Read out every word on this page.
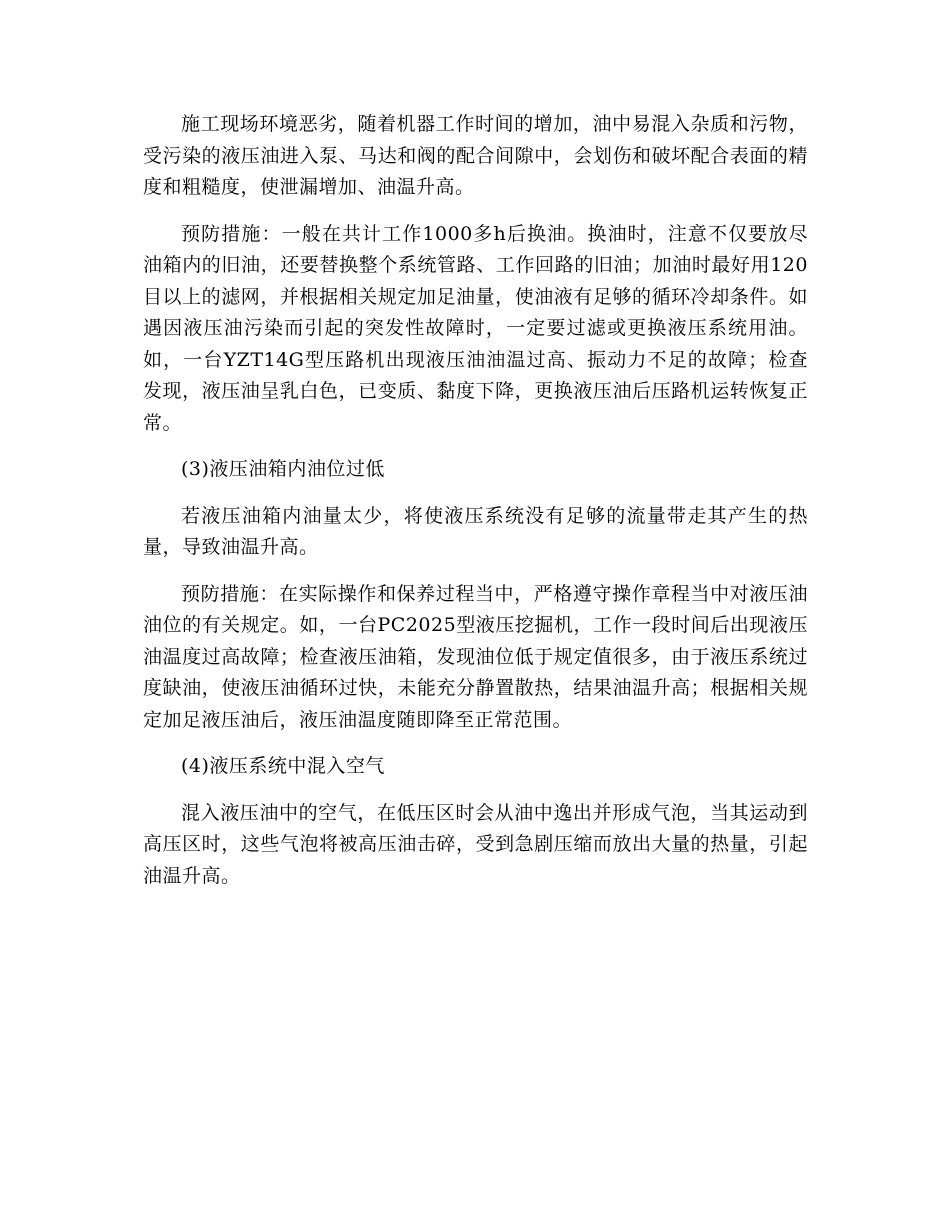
施工现场环境恶劣，随着机器工作时间的增加，油中易混入杂质和污物，受污染的液压油进入泵、马达和阀的配合间隙中，会划伤和破坏配合表面的精度和粗糙度，使泄漏增加、油温升高。

预防措施：一般在共计工作1000多h后换油。换油时，注意不仅要放尽油箱内的旧油，还要替换整个系统管路、工作回路的旧油；加油时最好用120目以上的滤网，并根据相关规定加足油量，使油液有足够的循环冷却条件。如遇因液压油污染而引起的突发性故障时，一定要过滤或更换液压系统用油。如，一台YZT14G型压路机出现液压油油温过高、振动力不足的故障；检查发现，液压油呈乳白色，已变质、黏度下降，更换液压油后压路机运转恢复正常。

(3)液压油箱内油位过低

若液压油箱内油量太少，将使液压系统没有足够的流量带走其产生的热量，导致油温升高。

预防措施：在实际操作和保养过程当中，严格遵守操作章程当中对液压油油位的有关规定。如，一台PC2025型液压挖掘机，工作一段时间后出现液压油温度过高故障；检查液压油箱，发现油位低于规定值很多，由于液压系统过度缺油，使液压油循环过快，未能充分静置散热，结果油温升高；根据相关规定加足液压油后，液压油温度随即降至正常范围。

(4)液压系统中混入空气

混入液压油中的空气，在低压区时会从油中逸出并形成气泡，当其运动到高压区时，这些气泡将被高压油击碎，受到急剧压缩而放出大量的热量，引起油温升高。
